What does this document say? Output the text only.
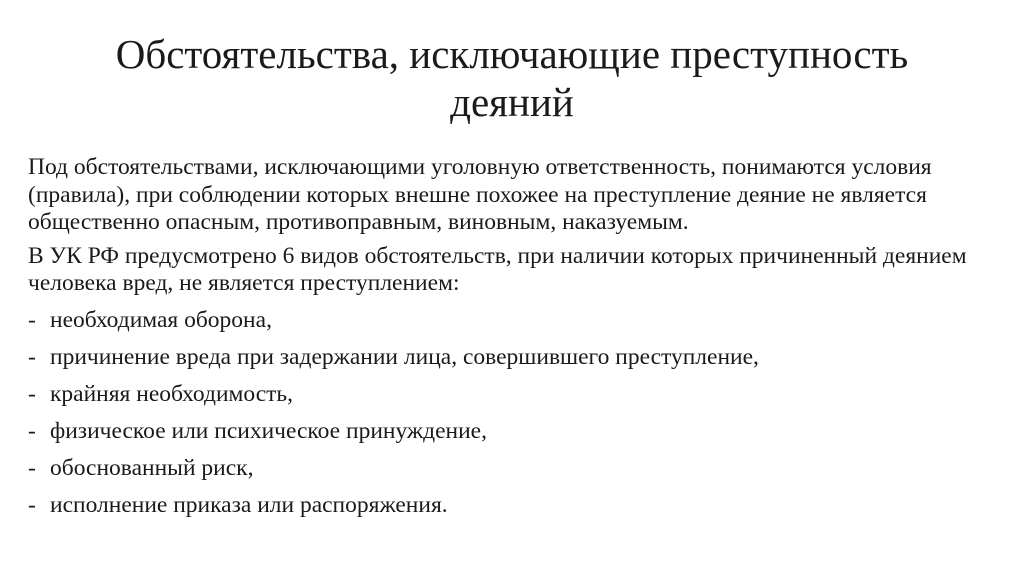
Обстоятельства, исключающие преступность
деяний

Под обстоятельствами, исключающими уголовную ответственность, понимаются условия (правила), при соблюдении которых внешне похожее на преступление деяние не является общественно опасным, противоправным, виновным, наказуемым.

В УК РФ предусмотрено 6 видов обстоятельств, при наличии которых причиненный деянием человека вред, не является преступлением:

- необходимая оборона,
- причинение вреда при задержании лица, совершившего преступление,
- крайняя необходимость,
- физическое или психическое принуждение,
- обоснованный риск,
- исполнение приказа или распоряжения.
